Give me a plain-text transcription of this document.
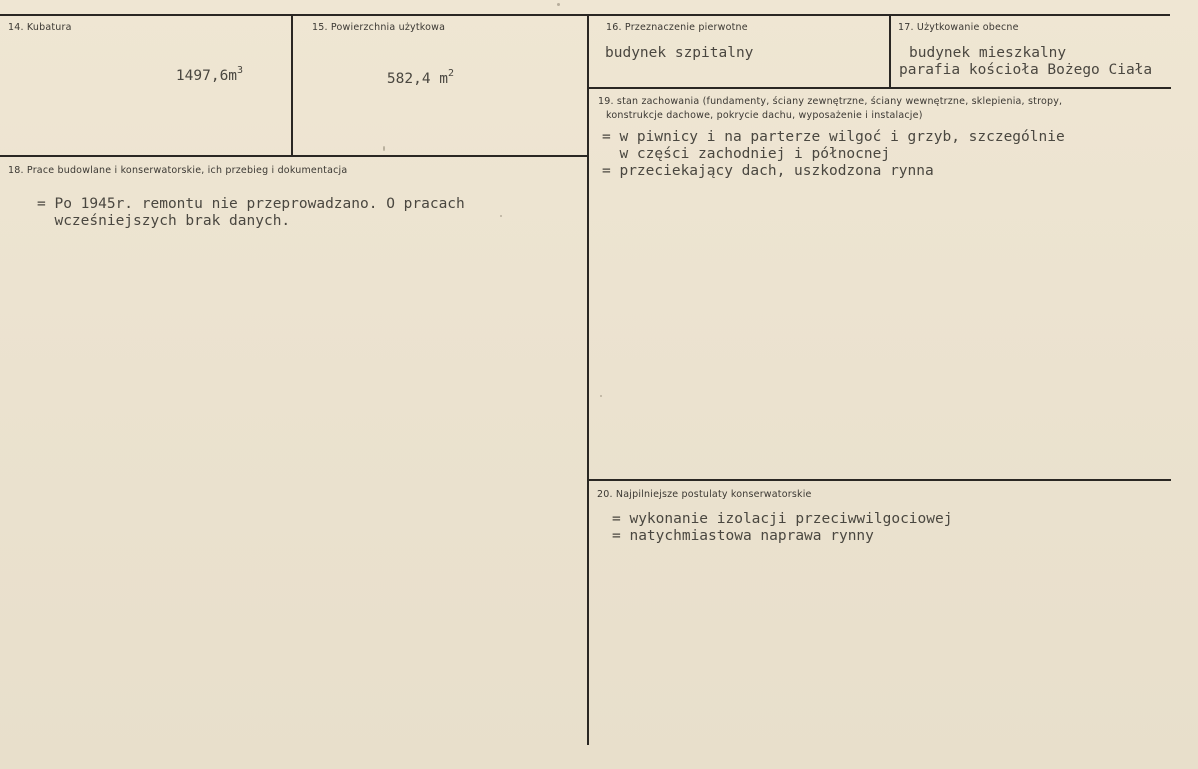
14. Kubatura

$1497,6m^3$

15. Powierzchnia użytkowa

582,4 $m^2$

16. Przeznaczenie pierwotne
budynek szpitalny
17. Użytkowanie obecne
budynek mieszkalny
parafia kościoła Bożego Ciała
18. Prace budowlane i konserwatorskie, ich przebieg i dokumentacja
= Po 1945r. remontu nie przeprowadzano. O pracach
wcześniejszych brak danych.
19. stan zachowania (fundamenty, ściany zewnętrzne, ściany wewnętrzne, sklepienia, stropy,
konstrukcje dachowe, pokrycie dachu, wyposażenie i instalacje)
= w piwnicy i na parterze wilgoć i grzyb, szczególnie
w części zachodniej i północnej
= przeciekający dach, uszkodzona rynna
20. Najpilniejsze postulaty konserwatorskie
= wykonanie izolacji przeciwwilgociowej
= natychmiastowa naprawa rynny
